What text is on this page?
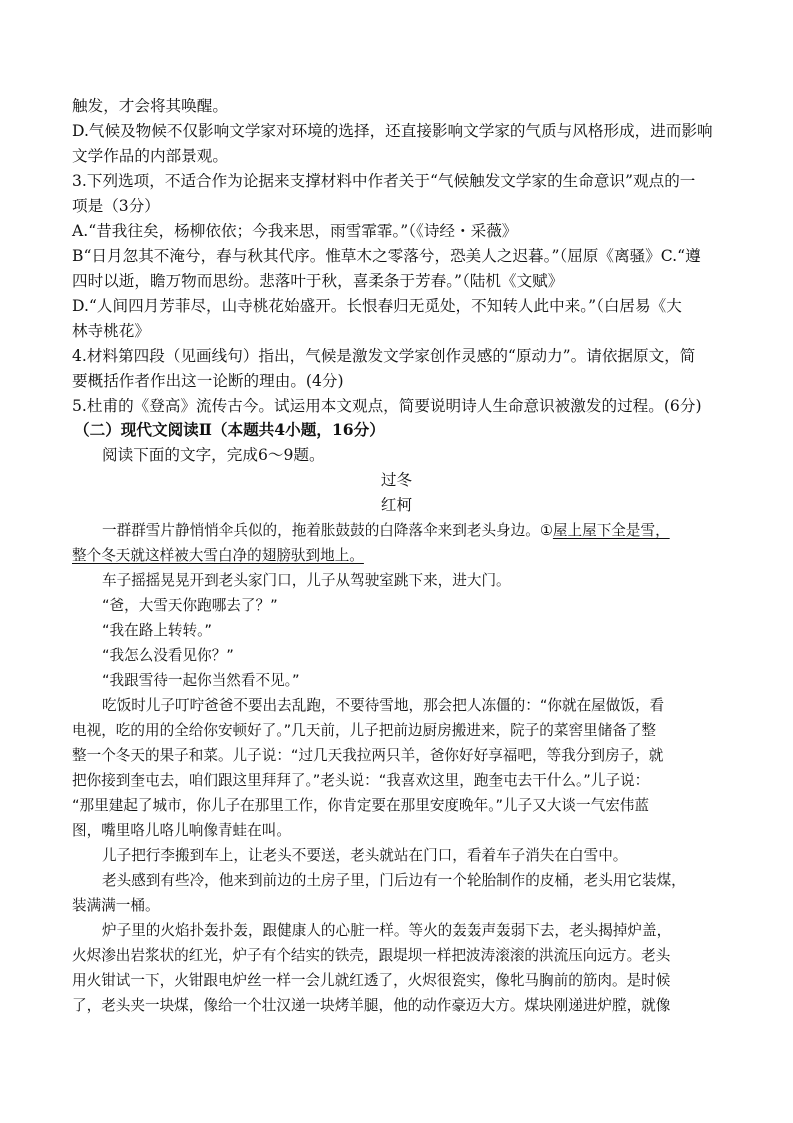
触发，才会将其唤醒。

D.气候及物候不仅影响文学家对环境的选择，还直接影响文学家的气质与风格形成，进而影响

文学作品的内部景观。

3.下列选项，不适合作为论据来支撑材料中作者关于“气候触发文学家的生命意识”观点的一

项是（3分）

A.“昔我往矣，杨柳依依；今我来思，雨雪霏霏。”（《诗经・采薇》

B“日月忽其不淹兮，春与秋其代序。惟草木之零落兮，恐美人之迟暮。”（屈原《离骚》C.“遵

四时以逝，瞻万物而思纷。悲落叶于秋，喜柔条于芳春。”（陆机《文赋》

D.“人间四月芳菲尽，山寺桃花始盛开。长恨春归无觅处，不知转人此中来。”（白居易《大

林寺桃花》

4.材料第四段（见画线句）指出，气候是激发文学家创作灵感的“原动力”。请依据原文，简

要概括作者作出这一论断的理由。(4分)

5.杜甫的《登高》流传古今。试运用本文观点，简要说明诗人生命意识被激发的过程。(6分)

（二）现代文阅读Ⅱ（本题共4小题，16分）

阅读下面的文字，完成6～9题。

过冬

红柯

一群群雪片静悄悄伞兵似的，拖着胀鼓鼓的白降落伞来到老头身边。①屋上屋下全是雪，

整个冬天就这样被大雪白净的翅膀驮到地上。

车子摇摇晃晃开到老头家门口，儿子从驾驶室跳下来，进大门。

“爸，大雪天你跑哪去了？”

“我在路上转转。”

“我怎么没看见你？”

“我跟雪待一起你当然看不见。”

吃饭时儿子叮咛爸爸不要出去乱跑，不要待雪地，那会把人冻僵的：“你就在屋做饭，看

电视，吃的用的全给你安顿好了。”几天前，儿子把前边厨房搬进来，院子的菜窖里储备了整

整一个冬天的果子和菜。儿子说：“过几天我拉两只羊，爸你好好享福吧，等我分到房子，就

把你接到奎屯去，咱们跟这里拜拜了。”老头说：“我喜欢这里，跑奎屯去干什么。”儿子说：

“那里建起了城市，你儿子在那里工作，你肯定要在那里安度晚年。”儿子又大谈一气宏伟蓝

图，嘴里咯儿咯儿响像青蛙在叫。

儿子把行李搬到车上，让老头不要送，老头就站在门口，看着车子消失在白雪中。

老头感到有些冷，他来到前边的土房子里，门后边有一个轮胎制作的皮桶，老头用它装煤，

装满满一桶。

炉子里的火焰扑轰扑轰，跟健康人的心脏一样。等火的轰轰声轰弱下去，老头揭掉炉盖，

火烬渗出岩浆状的红光，炉子有个结实的铁壳，跟堤坝一样把波涛滚滚的洪流压向远方。老头

用火钳试一下，火钳跟电炉丝一样一会儿就红透了，火烬很瓷实，像牝马胸前的筋肉。是时候

了，老头夹一块煤，像给一个壮汉递一块烤羊腿，他的动作豪迈大方。煤块刚递进炉膛，就像
